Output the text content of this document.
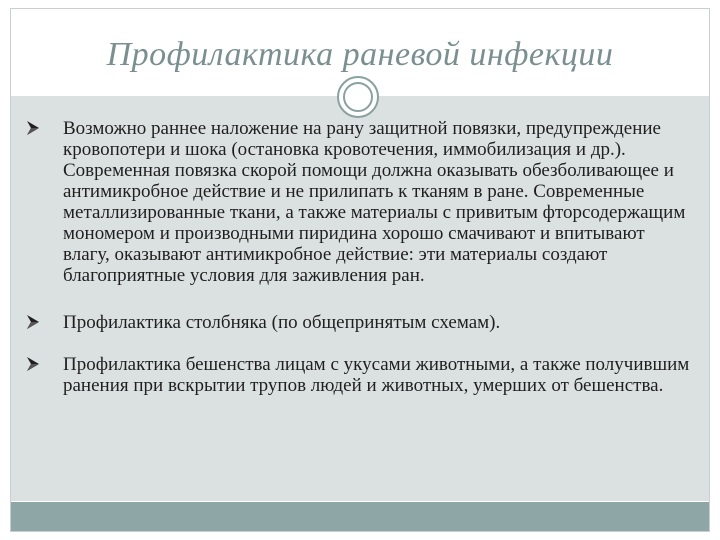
Профилактика раневой инфекции
Возможно раннее наложение на рану защитной повязки, предупреждение кровопотери и шока (остановка кровотечения, иммобилизация и др.). Современная повязка скорой помощи должна оказывать обезболивающее и антимикробное действие и не прилипать к тканям в ране. Современные металлизированные ткани, а также материалы с привитым фторсодержащим мономером и производными пиридина хорошо смачивают и впитывают влагу, оказывают антимикробное действие: эти материалы создают благоприятные условия для заживления ран.
Профилактика столбняка (по общепринятым схемам).
Профилактика бешенства лицам с укусами животными, а также получившим ранения при вскрытии трупов людей и животных, умерших от бешенства.
